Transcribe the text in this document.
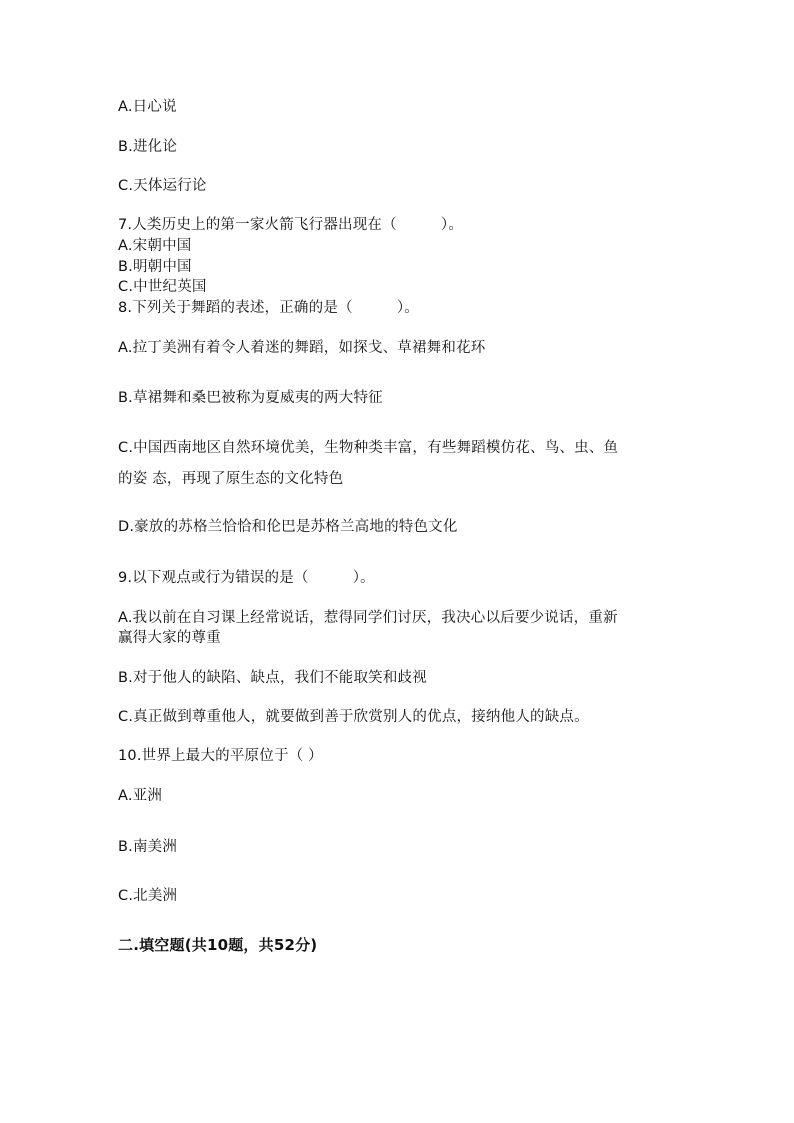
A.日心说
B.进化论
C.天体运行论
7.人类历史上的第一家火箭飞行器出现在（　　　）。
A.宋朝中国
B.明朝中国
C.中世纪英国
8.下列关于舞蹈的表述，正确的是（　　　）。
A.拉丁美洲有着令人着迷的舞蹈，如探戈、草裙舞和花环
B.草裙舞和桑巴被称为夏威夷的两大特征
C.中国西南地区自然环境优美，生物种类丰富，有些舞蹈模仿花、鸟、虫、鱼
的姿 态，再现了原生态的文化特色
D.豪放的苏格兰恰恰和伦巴是苏格兰高地的特色文化
9.以下观点或行为错误的是（　　　）。
A.我以前在自习课上经常说话，惹得同学们讨厌，我决心以后要少说话，重新
赢得大家的尊重
B.对于他人的缺陷、缺点，我们不能取笑和歧视
C.真正做到尊重他人，就要做到善于欣赏别人的优点，接纳他人的缺点。
10.世界上最大的平原位于（ ）
A.亚洲
B.南美洲
C.北美洲
二.填空题(共10题，共52分)
